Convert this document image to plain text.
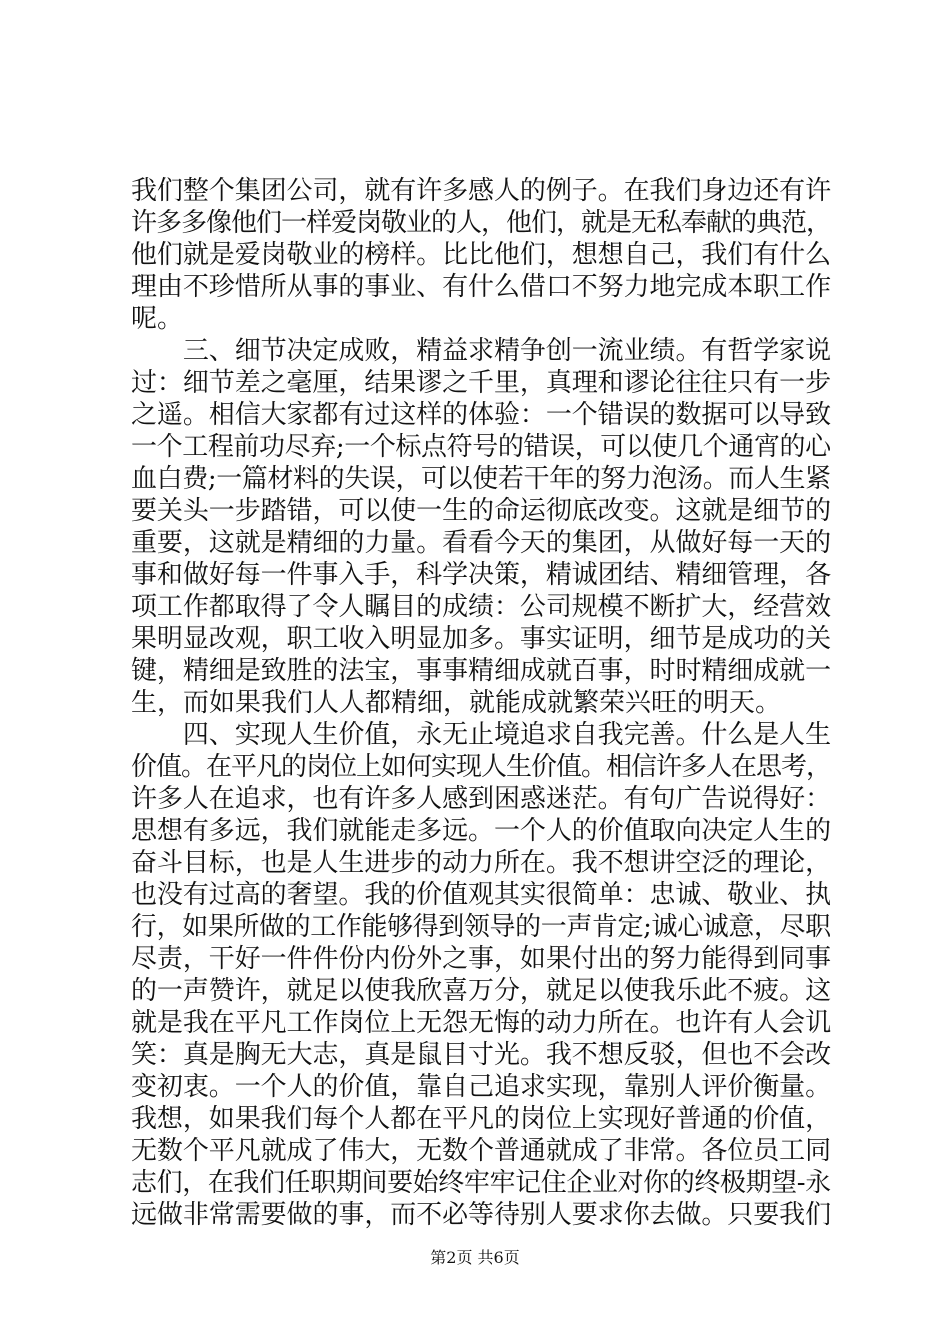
我们整个集团公司，就有许多感人的例子。在我们身边还有许
许多多像他们一样爱岗敬业的人，他们，就是无私奉献的典范，
他们就是爱岗敬业的榜样。比比他们，想想自己，我们有什么
理由不珍惜所从事的事业、有什么借口不努力地完成本职工作
呢。
　　三、细节决定成败，精益求精争创一流业绩。有哲学家说
过：细节差之毫厘，结果谬之千里，真理和谬论往往只有一步
之遥。相信大家都有过这样的体验：一个错误的数据可以导致
一个工程前功尽弃;一个标点符号的错误，可以使几个通宵的心
血白费;一篇材料的失误，可以使若干年的努力泡汤。而人生紧
要关头一步踏错，可以使一生的命运彻底改变。这就是细节的
重要，这就是精细的力量。看看今天的集团，从做好每一天的
事和做好每一件事入手，科学决策，精诚团结、精细管理，各
项工作都取得了令人瞩目的成绩：公司规模不断扩大，经营效
果明显改观，职工收入明显加多。事实证明，细节是成功的关
键，精细是致胜的法宝，事事精细成就百事，时时精细成就一
生，而如果我们人人都精细，就能成就繁荣兴旺的明天。
　　四、实现人生价值，永无止境追求自我完善。什么是人生
价值。在平凡的岗位上如何实现人生价值。相信许多人在思考，
许多人在追求，也有许多人感到困惑迷茫。有句广告说得好：
思想有多远，我们就能走多远。一个人的价值取向决定人生的
奋斗目标，也是人生进步的动力所在。我不想讲空泛的理论，
也没有过高的奢望。我的价值观其实很简单：忠诚、敬业、执
行，如果所做的工作能够得到领导的一声肯定;诚心诚意，尽职
尽责，干好一件件份内份外之事，如果付出的努力能得到同事
的一声赞许，就足以使我欣喜万分，就足以使我乐此不疲。这
就是我在平凡工作岗位上无怨无悔的动力所在。也许有人会讥
笑：真是胸无大志，真是鼠目寸光。我不想反驳，但也不会改
变初衷。一个人的价值，靠自己追求实现，靠别人评价衡量。
我想，如果我们每个人都在平凡的岗位上实现好普通的价值，
无数个平凡就成了伟大，无数个普通就成了非常。各位员工同
志们，在我们任职期间要始终牢牢记住企业对你的终极期望-永
远做非常需要做的事，而不必等待别人要求你去做。只要我们
第2页 共6页
